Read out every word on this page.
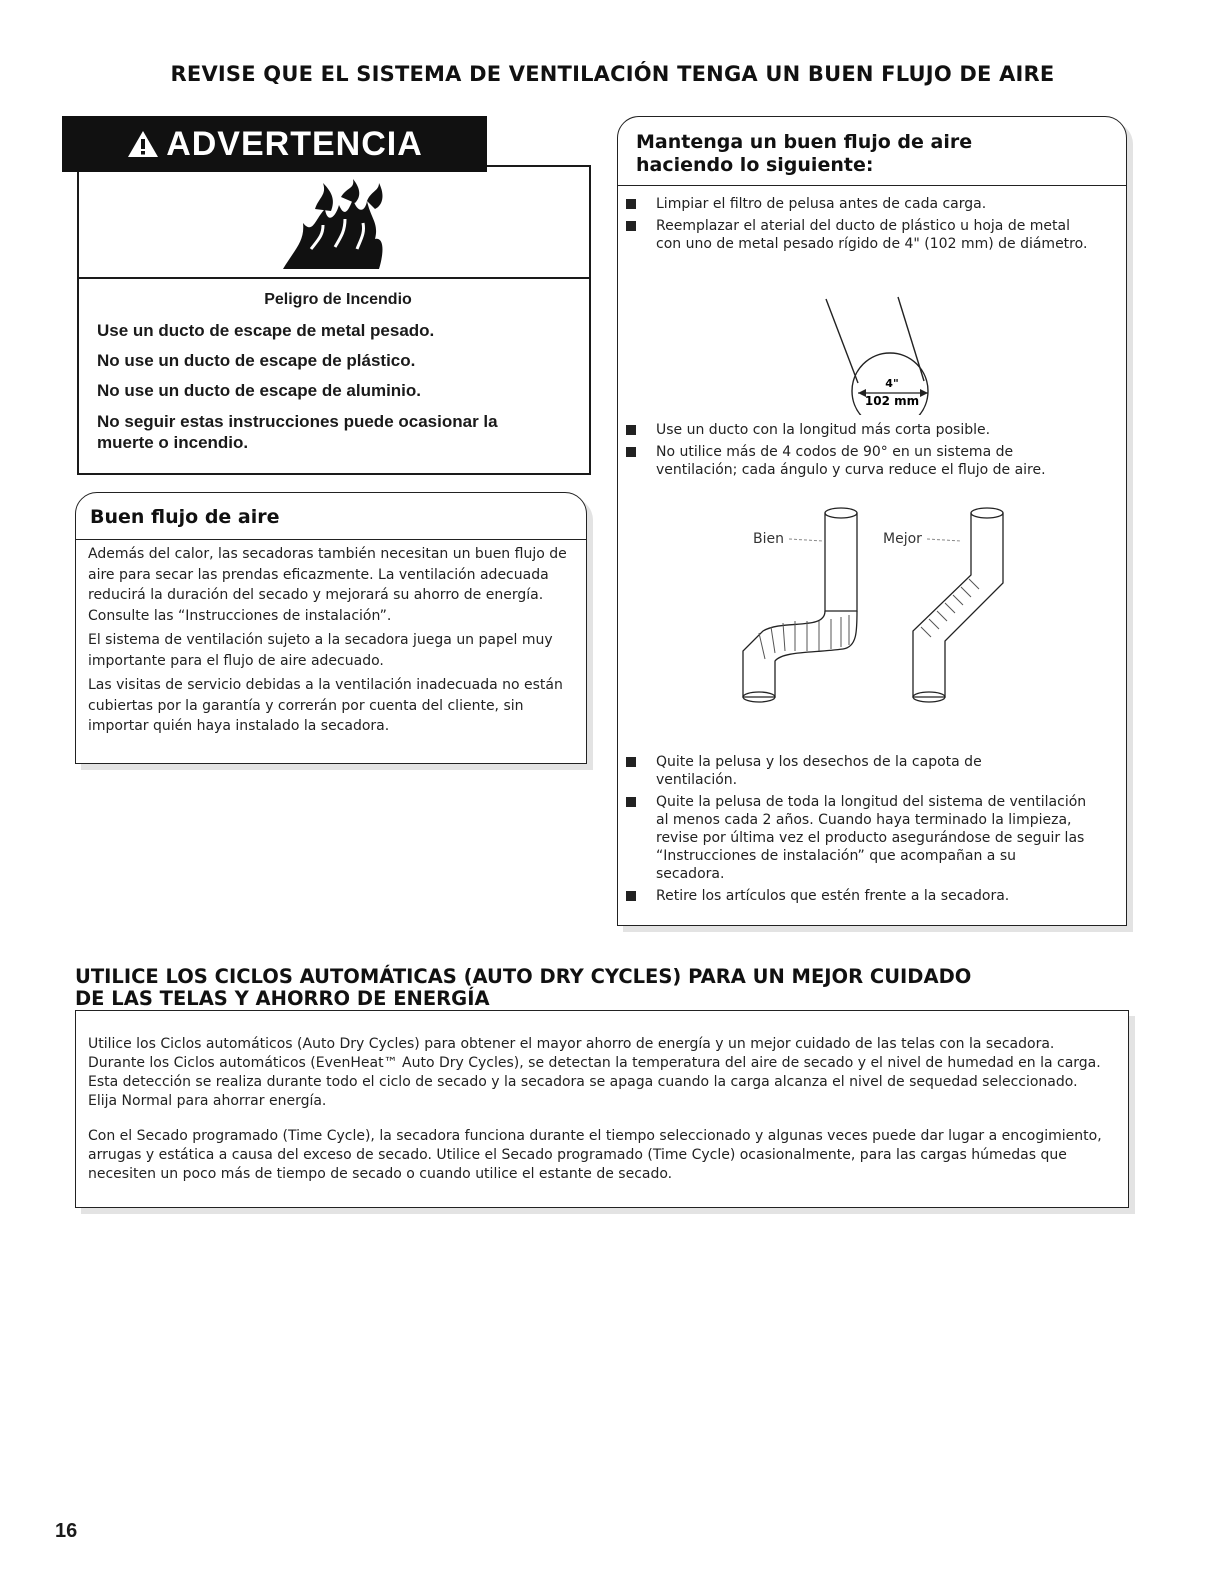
REVISE QUE EL SISTEMA DE VENTILACIÓN TENGA UN BUEN FLUJO DE AIRE
Peligro de Incendio
Use un ducto de escape de metal pesado.
No use un ducto de escape de plástico.
No use un ducto de escape de aluminio.
No seguir estas instrucciones puede ocasionar la muerte o incendio.
ADVERTENCIA
Buen flujo de aire
Además del calor, las secadoras también necesitan un buen flujo de aire para secar las prendas eficazmente. La ventilación adecuada reducirá la duración del secado y mejorará su ahorro de energía. Consulte las “Instrucciones de instalación”.
El sistema de ventilación sujeto a la secadora juega un papel muy importante para el flujo de aire adecuado.
Las visitas de servicio debidas a la ventilación inadecuada no están cubiertas por la garantía y correrán por cuenta del cliente, sin importar quién haya instalado la secadora.
Mantenga un buen flujo de aire
haciendo lo siguiente:
Limpiar el filtro de pelusa antes de cada carga.
Reemplazar el aterial del ducto de plástico u hoja de metal con uno de metal pesado rígido de 4" (102 mm) de diámetro.
4"
102 mm
Use un ducto con la longitud más corta posible.
No utilice más de 4 codos de 90° en un sistema de ventilación; cada ángulo y curva reduce el flujo de aire.
Bien	Mejor
Quite la pelusa y los desechos de la capota de ventilación.
Quite la pelusa de toda la longitud del sistema de ventilación al menos cada 2 años. Cuando haya terminado la limpieza, revise por última vez el producto asegurándose de seguir las “Instrucciones de instalación” que acompañan a su secadora.
Retire los artículos que estén frente a la secadora.
UTILICE LOS CICLOS AUTOMÁTICAS (AUTO DRY CYCLES) PARA UN MEJOR CUIDADO
DE LAS TELAS Y AHORRO DE ENERGÍA
Utilice los Ciclos automáticos (Auto Dry Cycles) para obtener el mayor ahorro de energía y un mejor cuidado de las telas con la secadora. Durante los Ciclos automáticos (EvenHeat™ Auto Dry Cycles), se detectan la temperatura del aire de secado y el nivel de humedad en la carga. Esta detección se realiza durante todo el ciclo de secado y la secadora se apaga cuando la carga alcanza el nivel de sequedad seleccionado. Elija Normal para ahorrar energía.
Con el Secado programado (Time Cycle), la secadora funciona durante el tiempo seleccionado y algunas veces puede dar lugar a encogimiento, arrugas y estática a causa del exceso de secado. Utilice el Secado programado (Time Cycle) ocasionalmente, para las cargas húmedas que necesiten un poco más de tiempo de secado o cuando utilice el estante de secado.
16
